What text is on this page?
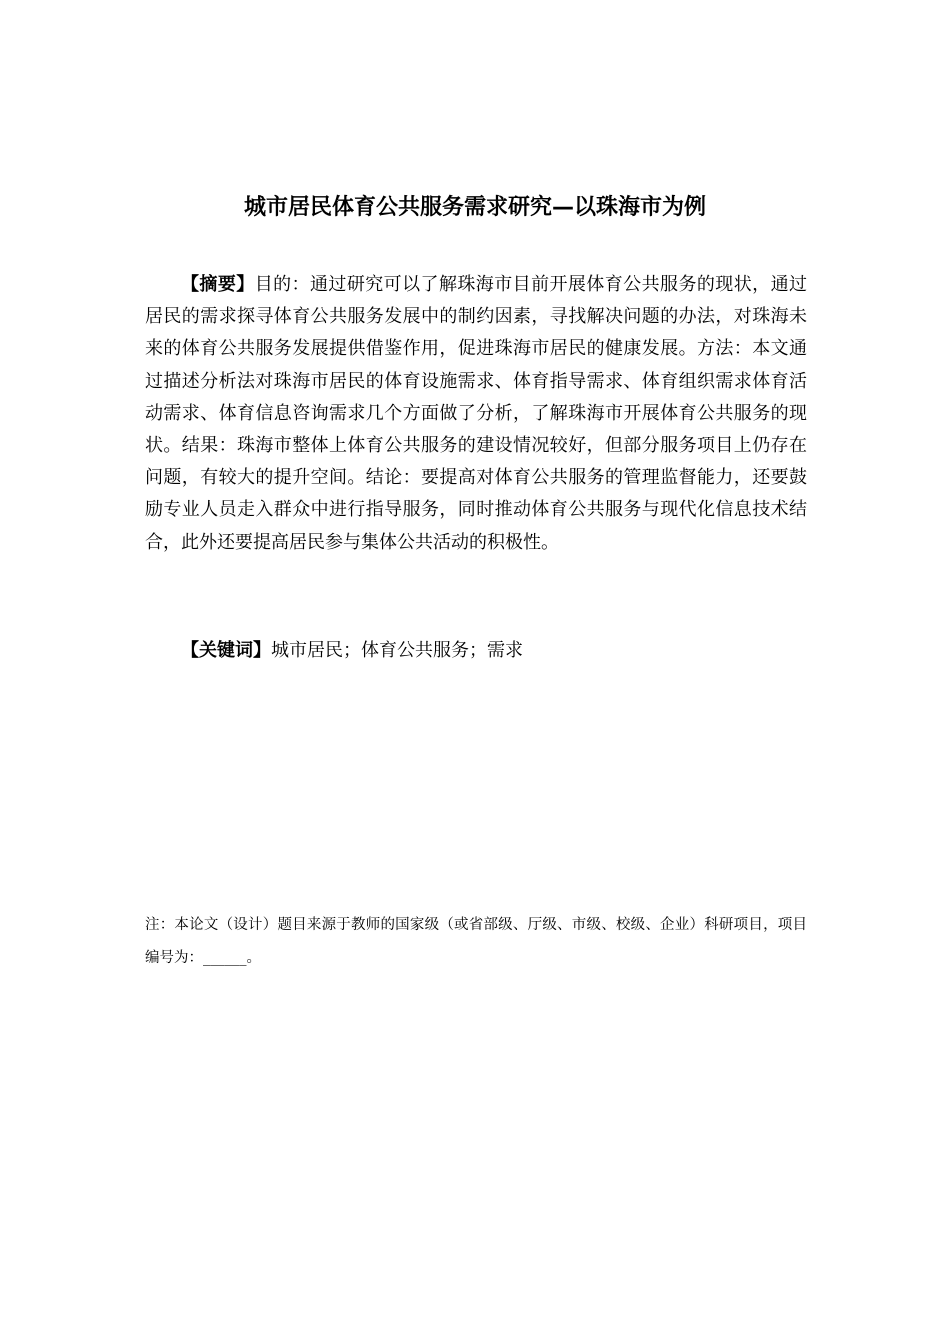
城市居民体育公共服务需求研究—以珠海市为例

【摘要】目的：通过研究可以了解珠海市目前开展体育公共服务的现状，通过居民的需求探寻体育公共服务发展中的制约因素，寻找解决问题的办法，对珠海未来的体育公共服务发展提供借鉴作用，促进珠海市居民的健康发展。方法：本文通过描述分析法对珠海市居民的体育设施需求、体育指导需求、体育组织需求体育活动需求、体育信息咨询需求几个方面做了分析，了解珠海市开展体育公共服务的现状。结果：珠海市整体上体育公共服务的建设情况较好，但部分服务项目上仍存在问题，有较大的提升空间。结论：要提高对体育公共服务的管理监督能力，还要鼓励专业人员走入群众中进行指导服务，同时推动体育公共服务与现代化信息技术结合，此外还要提高居民参与集体公共活动的积极性。

【关键词】城市居民；体育公共服务；需求

注：本论文（设计）题目来源于教师的国家级（或省部级、厅级、市级、校级、企业）科研项目，项目编号为：______。
